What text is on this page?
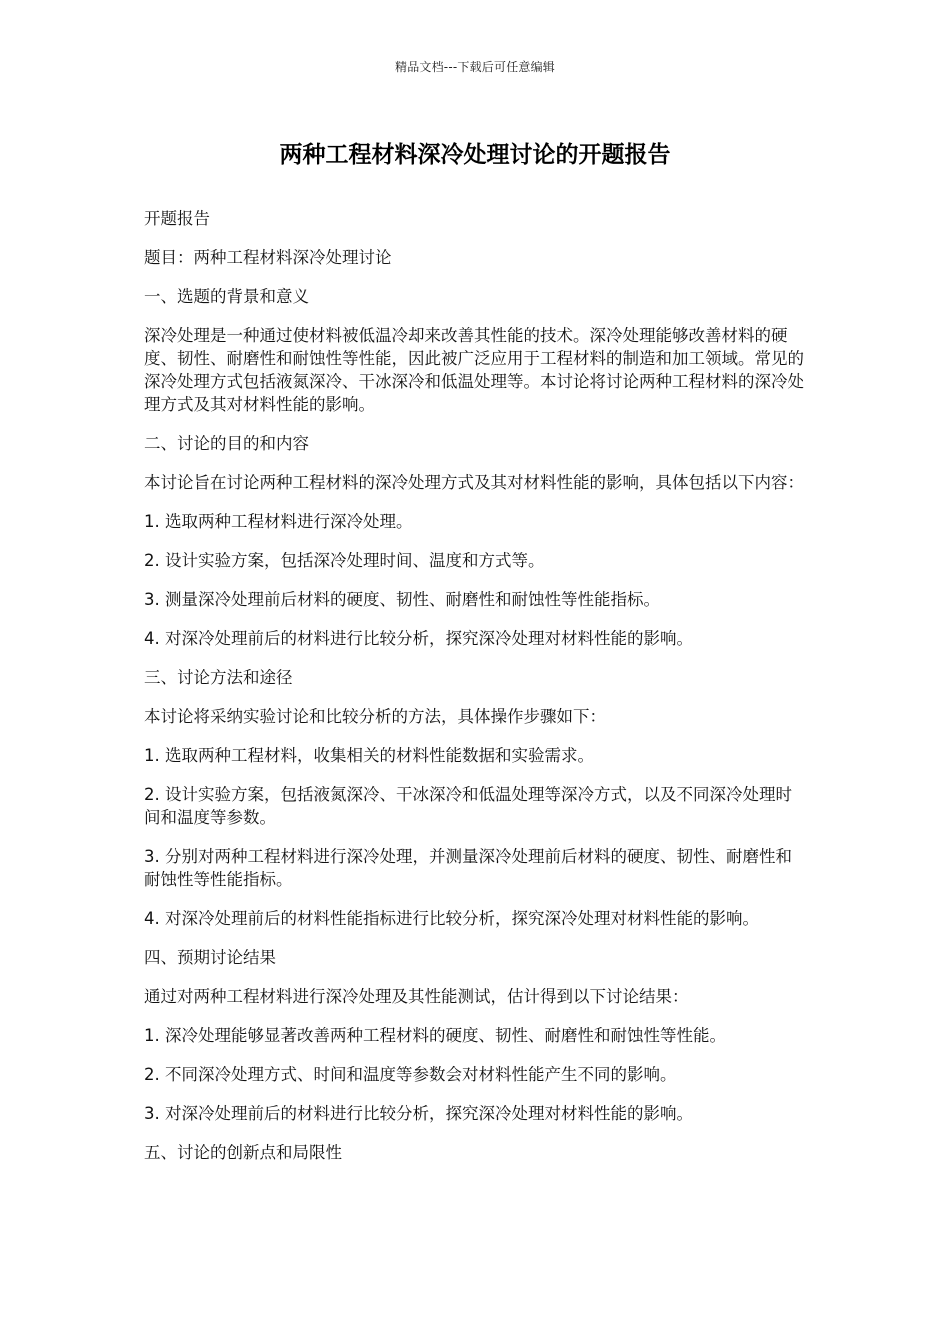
精品文档---下载后可任意编辑
两种工程材料深冷处理讨论的开题报告

开题报告

题目：两种工程材料深冷处理讨论

一、选题的背景和意义

深冷处理是一种通过使材料被低温冷却来改善其性能的技术。深冷处理能够改善材料的硬度、韧性、耐磨性和耐蚀性等性能，因此被广泛应用于工程材料的制造和加工领域。常见的深冷处理方式包括液氮深冷、干冰深冷和低温处理等。本讨论将讨论两种工程材料的深冷处理方式及其对材料性能的影响。

二、讨论的目的和内容

本讨论旨在讨论两种工程材料的深冷处理方式及其对材料性能的影响，具体包括以下内容：

1. 选取两种工程材料进行深冷处理。

2. 设计实验方案，包括深冷处理时间、温度和方式等。

3. 测量深冷处理前后材料的硬度、韧性、耐磨性和耐蚀性等性能指标。

4. 对深冷处理前后的材料进行比较分析，探究深冷处理对材料性能的影响。

三、讨论方法和途径

本讨论将采纳实验讨论和比较分析的方法，具体操作步骤如下：

1. 选取两种工程材料，收集相关的材料性能数据和实验需求。

2. 设计实验方案，包括液氮深冷、干冰深冷和低温处理等深冷方式，以及不同深冷处理时间和温度等参数。

3. 分别对两种工程材料进行深冷处理，并测量深冷处理前后材料的硬度、韧性、耐磨性和耐蚀性等性能指标。

4. 对深冷处理前后的材料性能指标进行比较分析，探究深冷处理对材料性能的影响。

四、预期讨论结果

通过对两种工程材料进行深冷处理及其性能测试，估计得到以下讨论结果：

1. 深冷处理能够显著改善两种工程材料的硬度、韧性、耐磨性和耐蚀性等性能。

2. 不同深冷处理方式、时间和温度等参数会对材料性能产生不同的影响。

3. 对深冷处理前后的材料进行比较分析，探究深冷处理对材料性能的影响。

五、讨论的创新点和局限性
